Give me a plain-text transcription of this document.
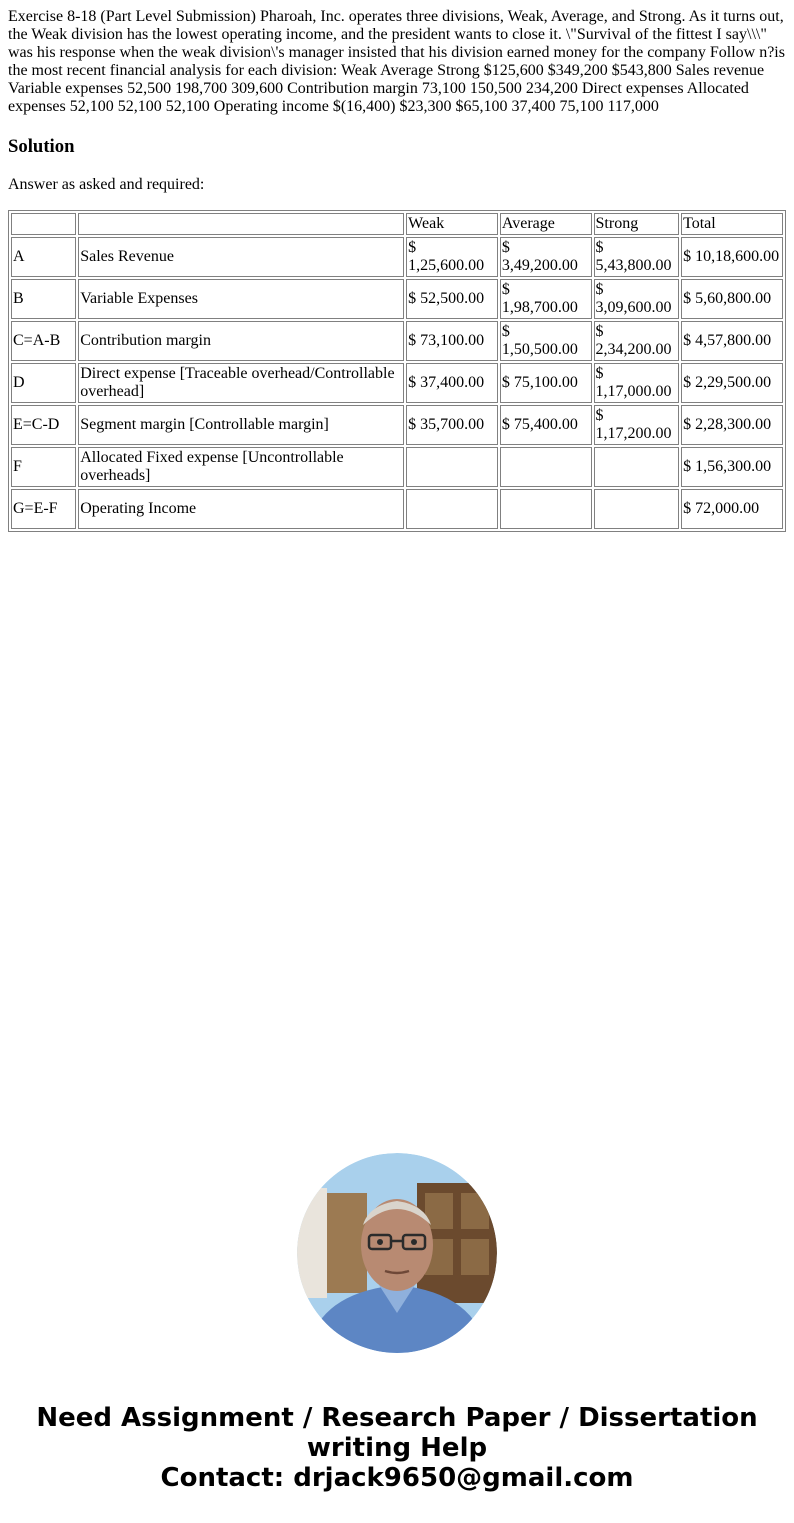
Exercise 8-18 (Part Level Submission) Pharoah, Inc. operates three divisions, Weak, Average, and Strong. As it turns out, the Weak division has the lowest operating income, and the president wants to close it. \"Survival of the fittest I say\\\" was his response when the weak division\'s manager insisted that his division earned money for the company Follow n?is the most recent financial analysis for each division: Weak Average Strong $125,600 $349,200 $543,800 Sales revenue Variable expenses 52,500 198,700 309,600 Contribution margin 73,100 150,500 234,200 Direct expenses Allocated expenses 52,100 52,100 52,100 Operating income $(16,400) $23,300 $65,100 37,400 75,100 117,000

Solution

Answer as asked and required:

		Weak	Average	Strong	Total
A	Sales Revenue	$ 1,25,600.00	$ 3,49,200.00	$ 5,43,800.00	$ 10,18,600.00
B	Variable Expenses	$ 52,500.00	$ 1,98,700.00	$ 3,09,600.00	$ 5,60,800.00
C=A-B	Contribution margin	$ 73,100.00	$ 1,50,500.00	$ 2,34,200.00	$ 4,57,800.00
D	Direct expense [Traceable overhead/Controllable overhead]	$ 37,400.00	$ 75,100.00	$ 1,17,000.00	$ 2,29,500.00
E=C-D	Segment margin [Controllable margin]	$ 35,700.00	$ 75,400.00	$ 1,17,200.00	$ 2,28,300.00
F	Allocated Fixed expense [Uncontrollable overheads]				$ 1,56,300.00
G=E-F	Operating Income				$ 72,000.00
Need Assignment / Research Paper / Dissertation writing Help
Contact: drjack9650@gmail.com
